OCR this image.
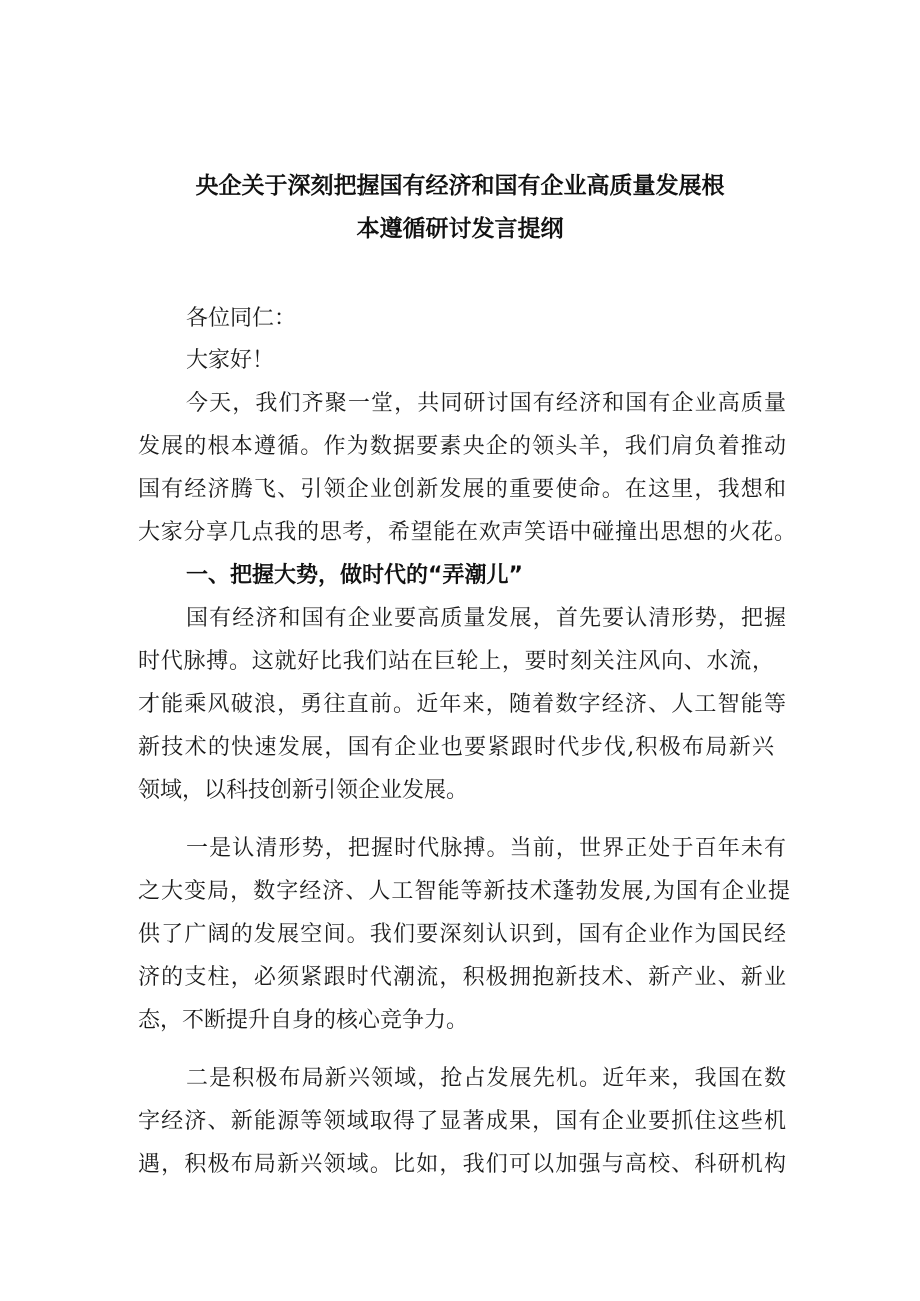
央企关于深刻把握国有经济和国有企业高质量发展根
本遵循研讨发言提纲
各位同仁：
大家好！
今天，我们齐聚一堂，共同研讨国有经济和国有企业高质量
发展的根本遵循。作为数据要素央企的领头羊，我们肩负着推动
国有经济腾飞、引领企业创新发展的重要使命。在这里，我想和
大家分享几点我的思考，希望能在欢声笑语中碰撞出思想的火花。
一、把握大势，做时代的“弄潮儿”
国有经济和国有企业要高质量发展，首先要认清形势，把握
时代脉搏。这就好比我们站在巨轮上，要时刻关注风向、水流，
才能乘风破浪，勇往直前。近年来，随着数字经济、人工智能等
新技术的快速发展，国有企业也要紧跟时代步伐,积极布局新兴
领域，以科技创新引领企业发展。
一是认清形势，把握时代脉搏。当前，世界正处于百年未有
之大变局，数字经济、人工智能等新技术蓬勃发展,为国有企业提
供了广阔的发展空间。我们要深刻认识到，国有企业作为国民经
济的支柱，必须紧跟时代潮流，积极拥抱新技术、新产业、新业
态，不断提升自身的核心竞争力。
二是积极布局新兴领域，抢占发展先机。近年来，我国在数
字经济、新能源等领域取得了显著成果，国有企业要抓住这些机
遇，积极布局新兴领域。比如，我们可以加强与高校、科研机构
